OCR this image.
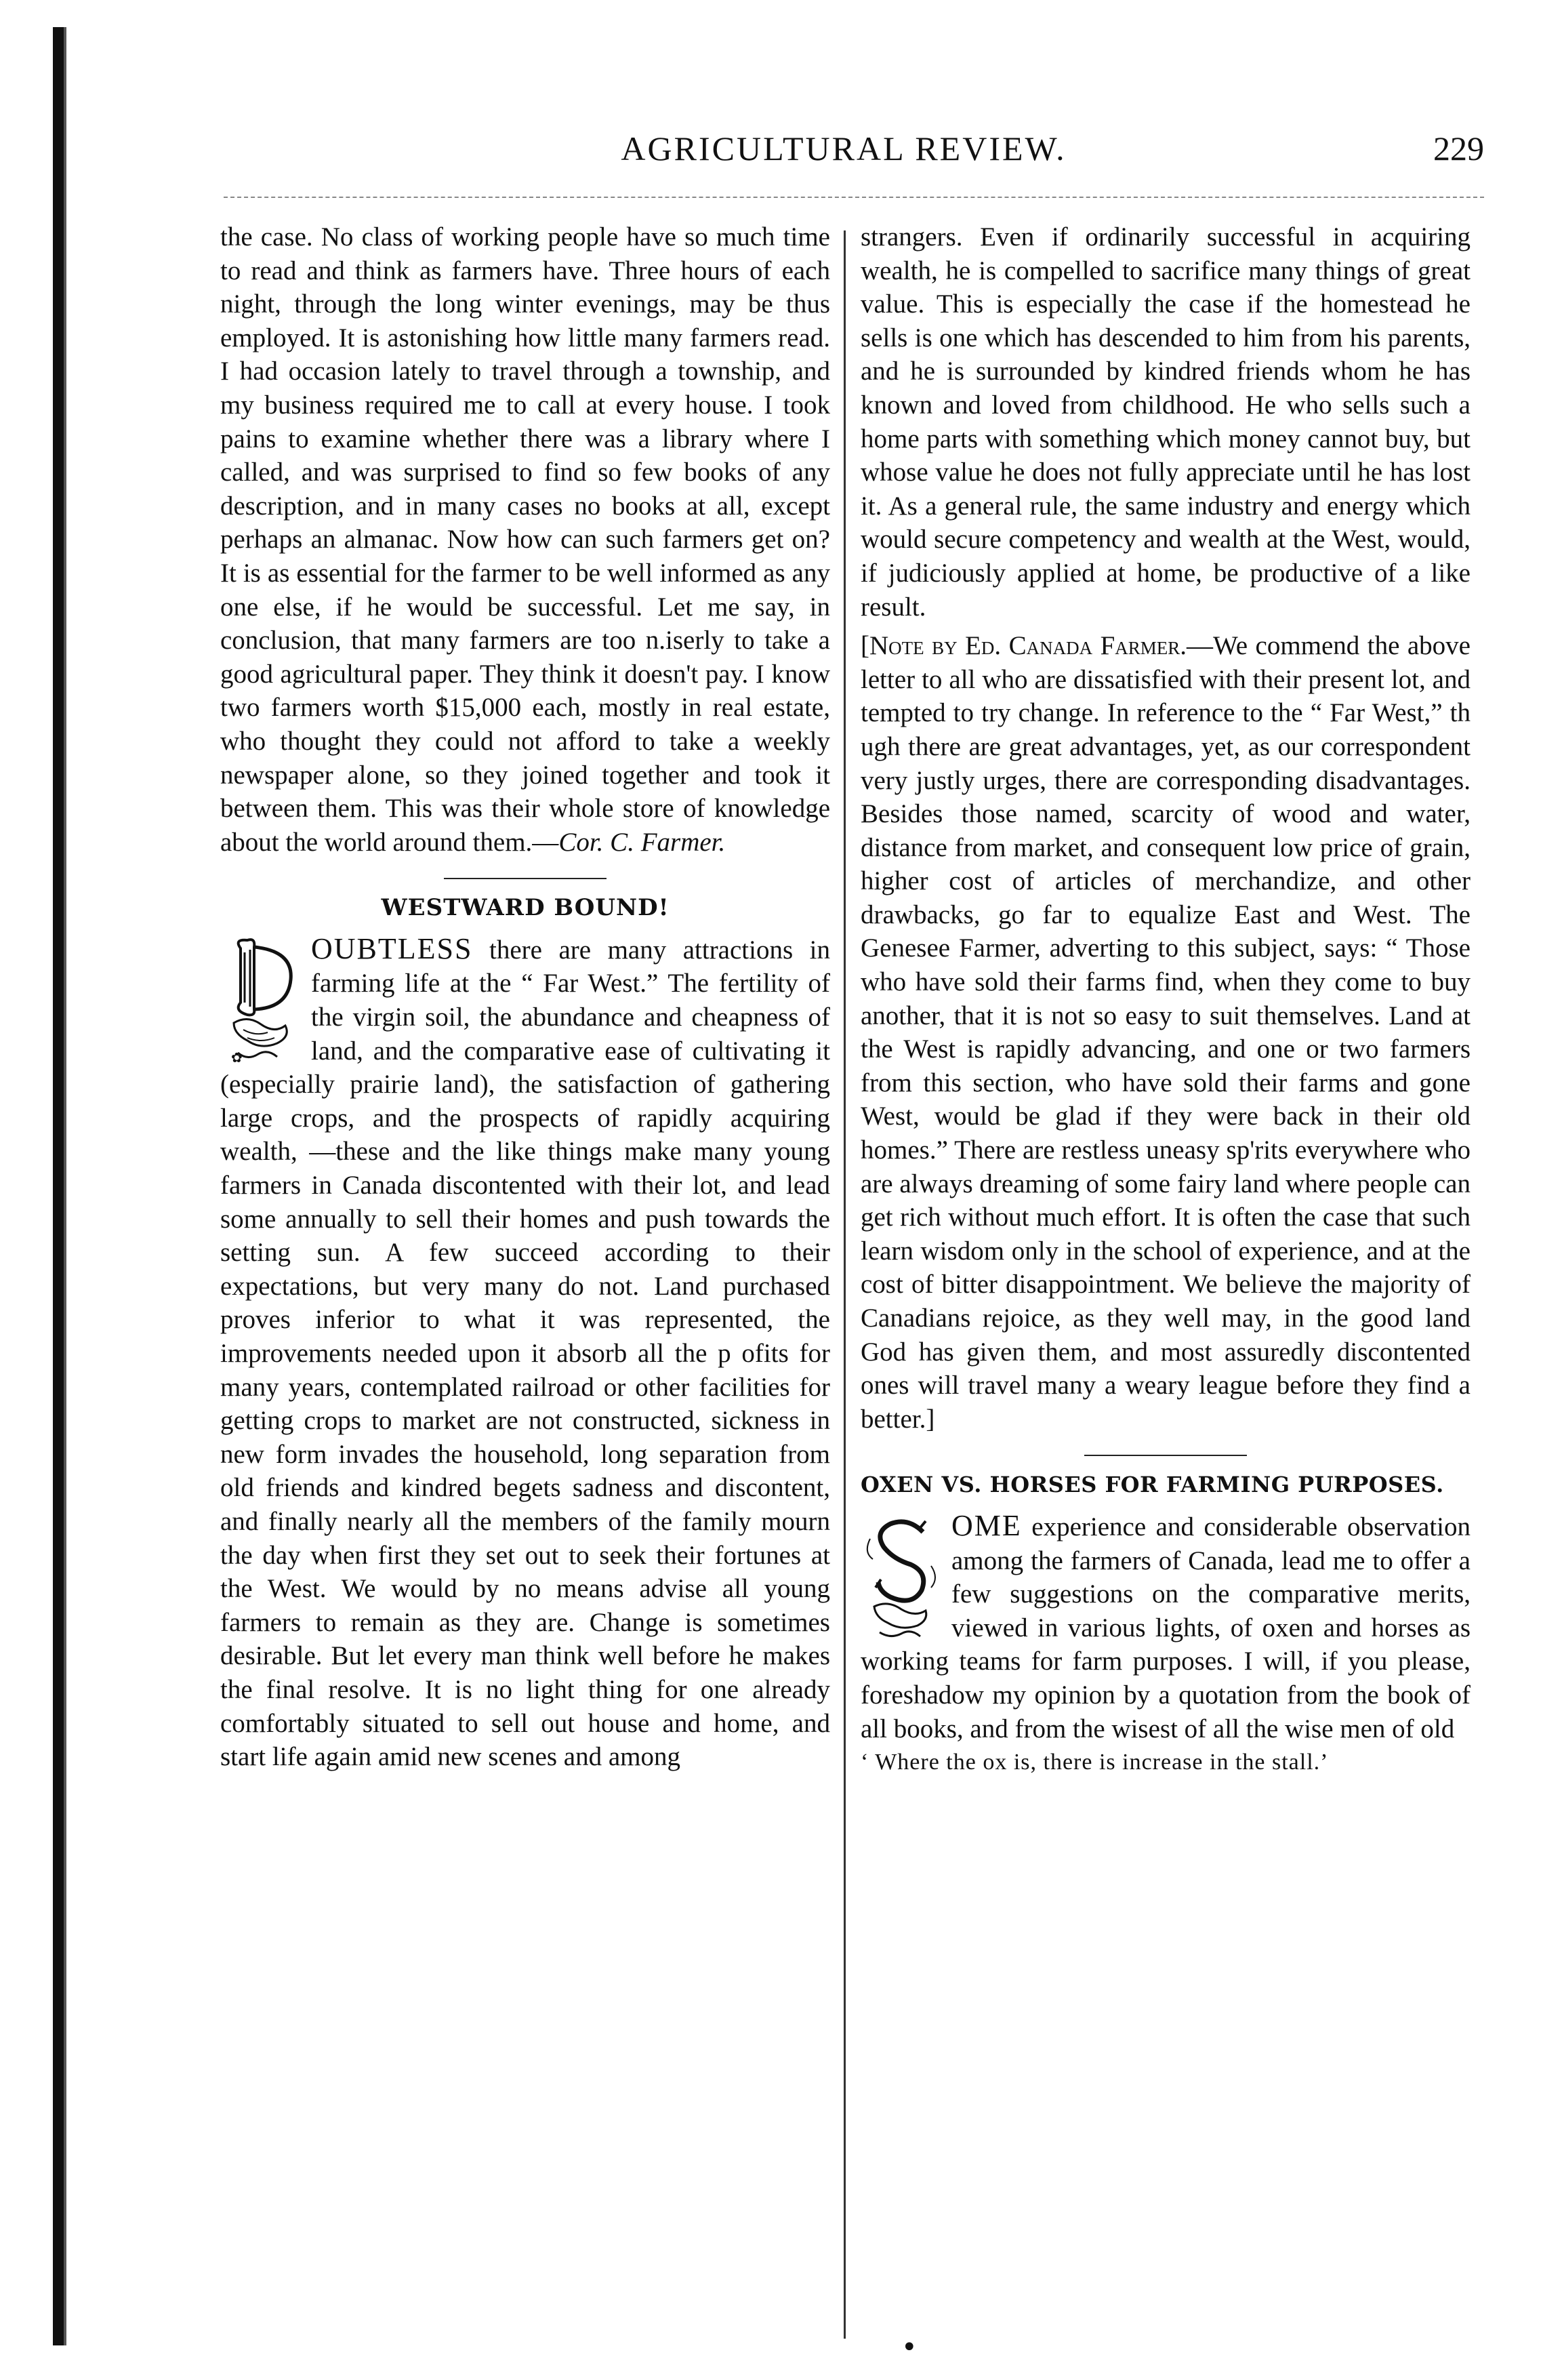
AGRICULTURAL REVIEW.	229

the case. No class of working people have so much time to read and think as farmers have. Three hours of each night, through the long winter evenings, may be thus employed. It is astonishing how little many farmers read. I had occasion lately to travel through a township, and my business required me to call at every house. I took pains to examine whether there was a library where I called, and was surprised to find so few books of any description, and in many cases no books at all, except perhaps an almanac. Now how can such farmers get on? It is as essential for the farmer to be well informed as any one else, if he would be successful. Let me say, in conclusion, that many farmers are too n.iserly to take a good agricultural paper. They think it doesn't pay. I know two farmers worth $15,000 each, mostly in real estate, who thought they could not afford to take a weekly newspaper alone, so they joined together and took it between them. This was their whole store of knowledge about the world around them.—Cor. C. Farmer.

WESTWARD BOUND!

✿
OUBTLESS there are many attractions in farming life at the “ Far West.” The fertility of the virgin soil, the abundance and cheapness of land, and the comparative ease of cultivating it (especially prairie land), the satisfaction of gathering large crops, and the prospects of rapidly acquiring wealth, —these and the like things make many young farmers in Canada discontented with their lot, and lead some annually to sell their homes and push towards the setting sun. A few succeed according to their expectations, but very many do not. Land purchased proves inferior to what it was represented, the improvements needed upon it absorb all the p ofits for many years, contemplated railroad or other facilities for getting crops to market are not constructed, sickness in new form invades the household, long separation from old friends and kindred begets sadness and discontent, and finally nearly all the members of the family mourn the day when first they set out to seek their fortunes at the West. We would by no means advise all young farmers to remain as they are. Change is sometimes desirable. But let every man think well before he makes the final resolve. It is no light thing for one already comfortably situated to sell out house and home, and start life again amid new scenes and among

strangers. Even if ordinarily successful in acquiring wealth, he is compelled to sacrifice many things of great value. This is especially the case if the homestead he sells is one which has descended to him from his parents, and he is surrounded by kindred friends whom he has known and loved from childhood. He who sells such a home parts with something which money cannot buy, but whose value he does not fully appreciate until he has lost it. As a general rule, the same industry and energy which would secure competency and wealth at the West, would, if judiciously applied at home, be productive of a like result.

[Note by Ed. Canada Farmer.—We commend the above letter to all who are dissatisfied with their present lot, and tempted to try change. In reference to the “ Far West,” th ugh there are great advantages, yet, as our correspondent very justly urges, there are corresponding disadvantages. Besides those named, scarcity of wood and water, distance from market, and consequent low price of grain, higher cost of articles of merchandize, and other drawbacks, go far to equalize East and West. The Genesee Farmer, adverting to this subject, says: “ Those who have sold their farms find, when they come to buy another, that it is not so easy to suit themselves. Land at the West is rapidly advancing, and one or two farmers from this section, who have sold their farms and gone West, would be glad if they were back in their old homes.” There are restless uneasy sp'rits everywhere who are always dreaming of some fairy land where people can get rich without much effort. It is often the case that such learn wisdom only in the school of experience, and at the cost of bitter disappointment. We believe the majority of Canadians rejoice, as they well may, in the good land God has given them, and most assuredly discontented ones will travel many a weary league before they find a better.]

OXEN VS. HORSES FOR FARMING PURPOSES.

OME experience and considerable observation among the farmers of Canada, lead me to offer a few suggestions on the comparative merits, viewed in various lights, of oxen and horses as working teams for farm purposes. I will, if you please, foreshadow my opinion by a quotation from the book of all books, and from the wisest of all the wise men of old

‘ Where the ox is, there is increase in the stall.’

•
